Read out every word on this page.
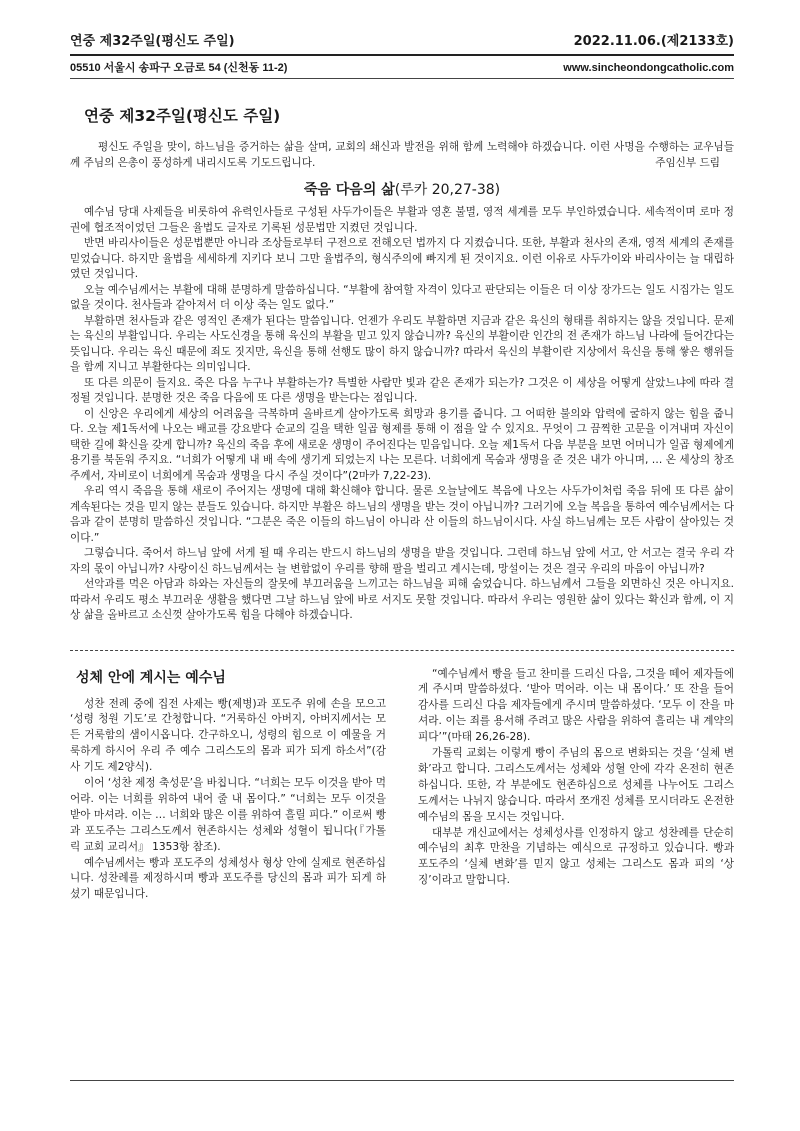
연중 제32주일(평신도 주일)	2022.11.06.(제2133호)
05510 서울시 송파구 오금로 54 (신천동 11-2)	www.sincheondongcatholic.com
연중 제32주일(평신도 주일)

평신도 주일을 맞이, 하느님을 증거하는 삶을 살며, 교회의 쇄신과 발전을 위해 함께 노력해야 하겠습니다. 이런 사명을 수행하는 교우님들께 주님의 은총이 풍성하게 내리시도록 기도드립니다.	주임신부 드림

죽음 다음의 삶(루카 20,27-38)

예수님 당대 사제들을 비롯하여 유력인사들로 구성된 사두가이들은 부활과 영혼 불멸, 영적 세계를 모두 부인하였습니다. 세속적이며 로마 정권에 협조적이었던 그들은 율법도 글자로 기록된 성문법만 지켰던 것입니다.

반면 바리사이들은 성문법뿐만 아니라 조상들로부터 구전으로 전해오던 법까지 다 지켰습니다. 또한, 부활과 천사의 존재, 영적 세계의 존재를 믿었습니다. 하지만 율법을 세세하게 지키다 보니 그만 율법주의, 형식주의에 빠지게 된 것이지요. 이런 이유로 사두가이와 바리사이는 늘 대립하였던 것입니다.

오늘 예수님께서는 부활에 대해 분명하게 말씀하십니다. “부활에 참여할 자격이 있다고 판단되는 이들은 더 이상 장가드는 일도 시집가는 일도 없을 것이다. 천사들과 같아져서 더 이상 죽는 일도 없다.”

부활하면 천사들과 같은 영적인 존재가 된다는 말씀입니다. 언젠가 우리도 부활하면 지금과 같은 육신의 형태를 취하지는 않을 것입니다. 문제는 육신의 부활입니다. 우리는 사도신경을 통해 육신의 부활을 믿고 있지 않습니까? 육신의 부활이란 인간의 전 존재가 하느님 나라에 들어간다는 뜻입니다. 우리는 육신 때문에 죄도 짓지만, 육신을 통해 선행도 많이 하지 않습니까? 따라서 육신의 부활이란 지상에서 육신을 통해 쌓은 행위들을 함께 지니고 부활한다는 의미입니다.

또 다른 의문이 들지요. 죽은 다음 누구나 부활하는가? 특별한 사람만 빛과 같은 존재가 되는가? 그것은 이 세상을 어떻게 살았느냐에 따라 결정될 것입니다. 분명한 것은 죽음 다음에 또 다른 생명을 받는다는 점입니다.

이 신앙은 우리에게 세상의 어려움을 극복하며 올바르게 살아가도록 희망과 용기를 줍니다. 그 어떠한 불의와 압력에 굴하지 않는 힘을 줍니다. 오늘 제1독서에 나오는 배교를 강요받다 순교의 길을 택한 일곱 형제를 통해 이 점을 알 수 있지요. 무엇이 그 끔찍한 고문을 이겨내며 자신이 택한 길에 확신을 갖게 합니까? 육신의 죽음 후에 새로운 생명이 주어진다는 믿음입니다. 오늘 제1독서 다음 부분을 보면 어머니가 일곱 형제에게 용기를 북돋워 주지요. “너희가 어떻게 내 배 속에 생기게 되었는지 나는 모른다. 너희에게 목숨과 생명을 준 것은 내가 아니며, … 온 세상의 창조주께서, 자비로이 너희에게 목숨과 생명을 다시 주실 것이다”(2마카 7,22-23).

우리 역시 죽음을 통해 새로이 주어지는 생명에 대해 확신해야 합니다. 물론 오늘날에도 복음에 나오는 사두가이처럼 죽음 뒤에 또 다른 삶이 계속된다는 것을 믿지 않는 분들도 있습니다. 하지만 부활은 하느님의 생명을 받는 것이 아닙니까? 그러기에 오늘 복음을 통하여 예수님께서는 다음과 같이 분명히 말씀하신 것입니다. “그분은 죽은 이들의 하느님이 아니라 산 이들의 하느님이시다. 사실 하느님께는 모든 사람이 살아있는 것이다.”

그렇습니다. 죽어서 하느님 앞에 서게 될 때 우리는 반드시 하느님의 생명을 받을 것입니다. 그런데 하느님 앞에 서고, 안 서고는 결국 우리 각자의 몫이 아닙니까? 사랑이신 하느님께서는 늘 변함없이 우리를 향해 팔을 벌리고 계시는데, 망설이는 것은 결국 우리의 마음이 아닙니까?

선악과를 먹은 아담과 하와는 자신들의 잘못에 부끄러움을 느끼고는 하느님을 피해 숨었습니다. 하느님께서 그들을 외면하신 것은 아니지요. 따라서 우리도 평소 부끄러운 생활을 했다면 그날 하느님 앞에 바로 서지도 못할 것입니다. 따라서 우리는 영원한 삶이 있다는 확신과 함께, 이 지상 삶을 올바르고 소신껏 살아가도록 힘을 다해야 하겠습니다.

성체 안에 계시는 예수님

성찬 전례 중에 집전 사제는 빵(제병)과 포도주 위에 손을 모으고 ‘성령 청원 기도’로 간청합니다. “거룩하신 아버지, 아버지께서는 모든 거룩함의 샘이시옵니다. 간구하오니, 성령의 힘으로 이 예물을 거룩하게 하시어 우리 주 예수 그리스도의 몸과 피가 되게 하소서”(감사 기도 제2양식).

이어 ‘성찬 제정 축성문’을 바칩니다. “너희는 모두 이것을 받아 먹어라. 이는 너희를 위하여 내어 줄 내 몸이다.” “너희는 모두 이것을 받아 마셔라. 이는 … 너희와 많은 이를 위하여 흘릴 피다.” 이로써 빵과 포도주는 그리스도께서 현존하시는 성체와 성혈이 됩니다(『가톨릭 교회 교리서』 1353항 참조).

예수님께서는 빵과 포도주의 성체성사 형상 안에 실제로 현존하십니다. 성찬례를 제정하시며 빵과 포도주를 당신의 몸과 피가 되게 하셨기 때문입니다.

“예수님께서 빵을 들고 찬미를 드리신 다음, 그것을 떼어 제자들에게 주시며 말씀하셨다. ‘받아 먹어라. 이는 내 몸이다.’ 또 잔을 들어 감사를 드리신 다음 제자들에게 주시며 말씀하셨다. ‘모두 이 잔을 마셔라. 이는 죄를 용서해 주려고 많은 사람을 위하여 흘리는 내 계약의 피다’”(마태 26,26-28).

가톨릭 교회는 이렇게 빵이 주님의 몸으로 변화되는 것을 ‘실체 변화’라고 합니다. 그리스도께서는 성체와 성혈 안에 각각 온전히 현존하십니다. 또한, 각 부분에도 현존하심으로 성체를 나누어도 그리스도께서는 나뉘지 않습니다. 따라서 쪼개진 성체를 모시더라도 온전한 예수님의 몸을 모시는 것입니다.

대부분 개신교에서는 성체성사를 인정하지 않고 성찬례를 단순히 예수님의 최후 만찬을 기념하는 예식으로 규정하고 있습니다. 빵과 포도주의 ‘실체 변화’를 믿지 않고 성체는 그리스도 몸과 피의 ‘상징’이라고 말합니다.
